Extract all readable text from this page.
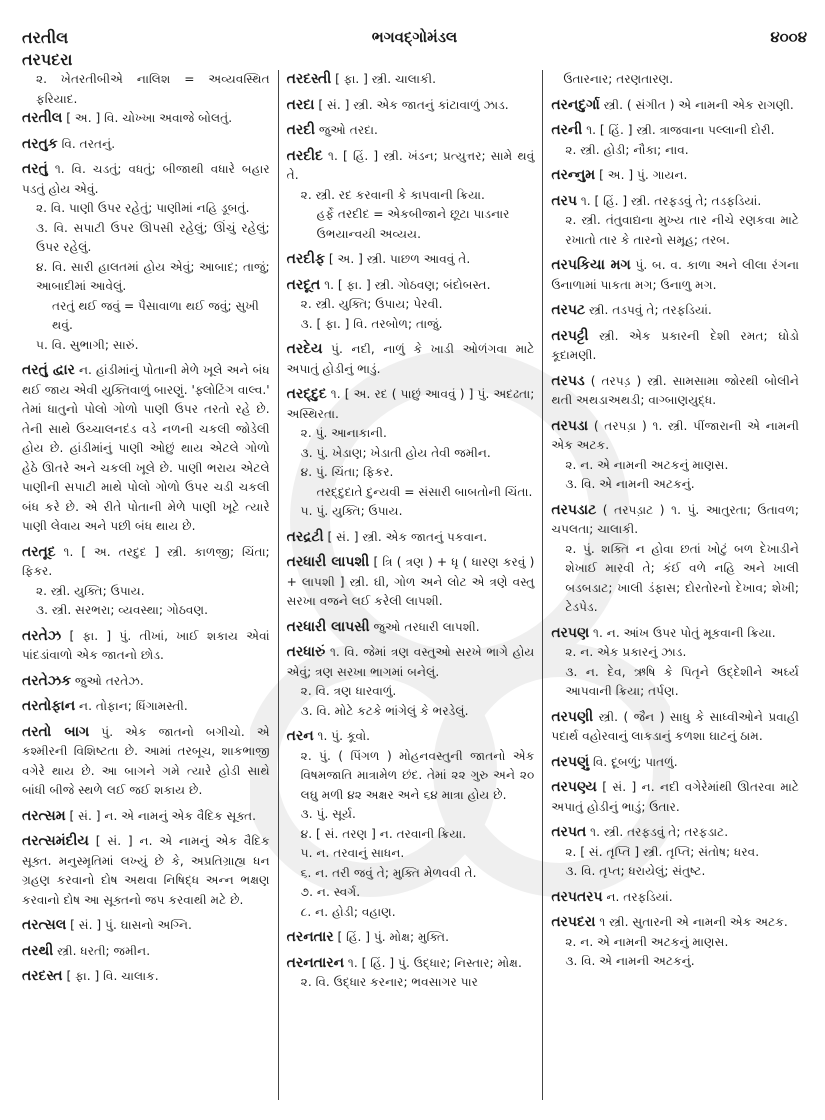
તરતીલ
તરપદરા
ભગવદ્ગોમંડલ	૪૦૦૪

૨. ખેતરતીબીએ નાલિશ = અવ્યવસ્થિત ફરિયાદ.

તરતીલ [ અ. ] વિ. ચોખ્ખા અવાજે બોલતું.

તરતુક વિ. તરતનું.

તરતું ૧. વિ. ચડતું; વધતું; બીજાથી વધારે બહાર પડતું હોય એવું.

૨. વિ. પાણી ઉપર રહેતું; પાણીમાં નહિ ડૂબતું.

૩. વિ. સપાટી ઉપર ઊપસી રહેલું; ઊંચું રહેલું; ઉપર રહેલું.

૪. વિ. સારી હાલતમાં હોય એવું; આબાદ; તાજું; આબાદીમાં આવેલું.

તરતું થઈ જવું = પૈસાવાળા થઈ જવું; સુખી થવું.

૫. વિ. સુભાગી; સારું.

તરતું દ્વાર ન. હાંડીમાંનું પોતાની મેળે ખૂલે અને બંધ થઈ જાય એવી યુક્તિવાળું બારણું. 'ફ્લોટિંગ વાલ્વ.' તેમાં ધાતુનો પોલો ગોળો પાણી ઉપર તરતો રહે છે. તેની સાથે ઉચ્ચાલનદંડ વડે નળની ચકલી જોડેલી હોય છે. હાંડીમાંનું પાણી ઓછું થાય એટલે ગોળો હેઠે ઊતરે અને ચકલી ખૂલે છે. પાણી ભરાય એટલે પાણીની સપાટી માથે પોલો ગોળો ઉપર ચડી ચકલી બંધ કરે છે. એ રીતે પોતાની મેળે પાણી ખૂટે ત્યારે પાણી લેવાય અને પછી બંધ થાય છે.

તરતૂદ ૧. [ અ. તરદુદ ] સ્ત્રી. કાળજી; ચિંતા; ફિકર.

૨. સ્ત્રી. યુક્તિ; ઉપાય.

૩. સ્ત્રી. સરભરા; વ્યવસ્થા; ગોઠવણ.

તરતેઝ [ ફા. ] પું. તીખાં, ખાઈ શકાય એવાં પાંદડાંવાળો એક જાતનો છોડ.

તરતેઝક જુઓ તરતેઝ.

તરતોફાન ન. તોફાન; ધિંગામસ્તી.

તરતો બાગ પું. એક જાતનો બગીચો. એ કશ્મીરની વિશિષ્ટતા છે. આમાં તરબૂચ, શાકભાજી વગેરે થાય છે. આ બાગને ગમે ત્યારે હોડી સાથે બાંધી બીજે સ્થળે લઈ જઈ શકાય છે.

તરત્સમ [ સં. ] ન. એ નામનું એક વૈદિક સૂક્ત.

તરત્સમંદીય [ સં. ] ન. એ નામનું એક વૈદિક સૂક્ત. મનુસ્મૃતિમાં લખ્યું છે કે, અપ્રતિગ્રાહ્ય ધન ગ્રહણ કરવાનો દોષ અથવા નિષિદ્ધ અન્ન ભક્ષણ કરવાનો દોષ આ સૂક્તનો જપ કરવાથી મટે છે.

તરત્સલ [ સં. ] પું. ઘાસનો અગ્નિ.

તરથી સ્ત્રી. ધરતી; જમીન.

તરદસ્ત [ ફા. ] વિ. ચાલાક.

તરદસ્તી [ ફા. ] સ્ત્રી. ચાલાકી.

તરદા [ સં. ] સ્ત્રી. એક જાતનું કાંટાવાળું ઝાડ.

તરદી જુઓ તરદા.

તરદીદ ૧. [ હિં. ] સ્ત્રી. ખંડન; પ્રત્યુત્તર; સામે થવું તે.

૨. સ્ત્રી. રદ કરવાની કે કાપવાની ક્રિયા.

હર્ફે તરદીદ = એકબીજાને છૂટા પાડનાર ઉભયાન્વયી અવ્યય.

તરદીફ [ અ. ] સ્ત્રી. પાછળ આવવું તે.

તરદૂત ૧. [ ફા. ] સ્ત્રી. ગોઠવણ; બંદોબસ્ત.

૨. સ્ત્રી. યુક્તિ; ઉપાય; પેરવી.

૩. [ ફા. ] વિ. તરબોળ; તાજું.

તરદેય પું. નદી, નાળું કે ખાડી ઓળંગવા માટે અપાતું હોડીનું ભાડું.

તરદ્દુદ ૧. [ અ. રદ ( પાછું આવવું ) ] પું. અદઢતા; અસ્થિરતા.

૨. પું. આનાકાની.

૩. પું. ખેડાણ; ખેડાતી હોય તેવી જમીન.

૪. પું. ચિંતા; ફિકર.

તરદ્દુદાતે દુન્યવી = સંસારી બાબતોની ચિંતા.

૫. પું. યુક્તિ; ઉપાય.

તરદ્રટી [ સં. ] સ્ત્રી. એક જાતનું પકવાન.

તરધારી લાપશી [ ત્રિ ( ત્રણ ) + ધૃ ( ધારણ કરવું ) + લાપશી ] સ્ત્રી. ઘી, ગોળ અને લોટ એ ત્રણે વસ્તુ સરખા વજને લઈ કરેલી લાપશી.

તરધારી લાપસી જુઓ તરધારી લાપશી.

તરધારું ૧. વિ. જેમાં ત્રણ વસ્તુઓ સરખે ભાગે હોય એવું; ત્રણ સરખા ભાગમાં બનેલું.

૨. વિ. ત્રણ ધારવાળું.

૩. વિ. મોટે કટકે ભાંગેલું કે ભરડેલું.

તરન ૧. પું. કૂવો.

૨. પું. ( પિંગળ ) મોહનવસ્તુની જાતનો એક વિષમજાતિ માત્રામેળ છંદ. તેમાં ૨૨ ગુરુ અને ૨૦ લઘુ મળી ૪૨ અક્ષર અને ૬૪ માત્રા હોય છે.

૩. પું. સૂર્ય.

૪. [ સં. તરણ ] ન. તરવાની ક્રિયા.

૫. ન. તરવાનું સાધન.

૬. ન. તરી જવું તે; મુક્તિ મેળવવી તે.

૭. ન. સ્વર્ગ.

૮. ન. હોડી; વહાણ.

તરનતાર [ હિં. ] પું. મોક્ષ; મુક્તિ.

તરનતારન ૧. [ હિં. ] પું. ઉદ્ધાર; નિસ્તાર; મોક્ષ.

૨. વિ. ઉદ્ધાર કરનાર; ભવસાગર પાર

ઉતારનાર; તરણતારણ.

તરનદુર્ગા સ્ત્રી. ( સંગીત ) એ નામની એક રાગણી.

તરની ૧. [ હિં. ] સ્ત્રી. ત્રાજવાના પલ્લાની દોરી.

૨. સ્ત્રી. હોડી; નૌકા; નાવ.

તરન્નુમ [ અ. ] પું. ગાયન.

તરપ ૧. [ હિં. ] સ્ત્રી. તરફડવું તે; તડફડિયાં.

૨. સ્ત્રી. તંતુવાદ્યના મુખ્ય તાર નીચે રણકવા માટે રખાતો તાર કે તારનો સમૂહ; તરબ.

તરપકિયા મગ પું. બ. વ. કાળા અને લીલા રંગના ઉનાળામાં પાકતા મગ; ઉનાળુ મગ.

તરપટ સ્ત્રી. તડપવું તે; તરફડિયાં.

તરપટ્ટી સ્ત્રી. એક પ્રકારની દેશી રમત; ઘોડો કૂદામણી.

તરપડ ( તરપડ઼ ) સ્ત્રી. સામસામા જોરથી બોલીને થતી અથડાઅથડી; વાગ્બાણયુદ્ધ.

તરપડા ( તરપડ઼ા ) ૧. સ્ત્રી. પીંજારાની એ નામની એક અટક.

૨. ન. એ નામની અટકનું માણસ.

૩. વિ. એ નામની અટકનું.

તરપડાટ ( તરપડ઼ાટ ) ૧. પું. આતુરતા; ઉતાવળ; ચપલતા; ચાલાકી.

૨. પું. શક્તિ ન હોવા છતાં ખોટું બળ દેખાડીને શેખાઈ મારવી તે; કંઈ વળે નહિ અને ખાલી બડબડાટ; ખાલી ડંફાસ; દોરતોરનો દેખાવ; શેખી; ટેડપેડ.

તરપણ ૧. ન. આંખ ઉપર પોતું મૂકવાની ક્રિયા.

૨. ન. એક પ્રકારનું ઝાડ.

૩. ન. દેવ, ઋષિ કે પિતૃને ઉદ્દેશીને અર્ઘ્ય આપવાની ક્રિયા; તર્પણ.

તરપણી સ્ત્રી. ( જૈન ) સાધુ કે સાધ્વીઓને પ્રવાહી પદાર્થ વહોરવાનું લાકડાનું કળશા ઘાટનું ઠામ.

તરપણું વિ. દૂબળું; પાતળું.

તરપણ્ય [ સં. ] ન. નદી વગેરેમાંથી ઊતરવા માટે અપાતું હોડીનું ભાડું; ઉતાર.

તરપત ૧. સ્ત્રી. તરફડવું તે; તરફડાટ.

૨. [ સં. તૃપ્તિ ] સ્ત્રી. તૃપ્તિ; સંતોષ; ધરવ.

૩. વિ. તૃપ્ત; ધરાયેલું; સંતુષ્ટ.

તરપતરપ ન. તરફડિયાં.

તરપદરા ૧ સ્ત્રી. સુતારની એ નામની એક અટક.

૨. ન. એ નામની અટકનું માણસ.

૩. વિ. એ નામની અટકનું.
